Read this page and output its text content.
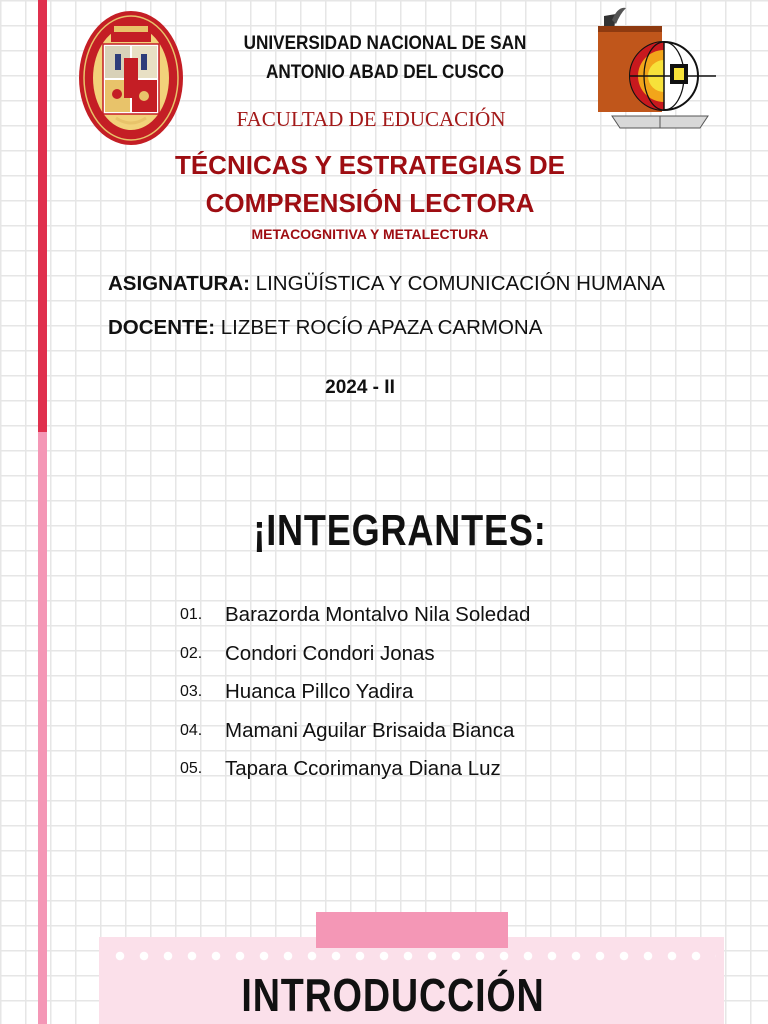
UNIVERSIDAD NACIONAL DE SAN
ANTONIO ABAD DEL CUSCO
FACULTAD DE EDUCACIÓN
TÉCNICAS Y ESTRATEGIAS DE
COMPRENSIÓN LECTORA
METACOGNITIVA Y METALECTURA
ASIGNATURA: LINGÜÍSTICA Y COMUNICACIÓN HUMANA
DOCENTE: LIZBET ROCÍO APAZA CARMONA
2024 - II
¡INTEGRANTES:
01.	Barazorda Montalvo Nila Soledad
02.	Condori Condori Jonas
03.	Huanca Pillco Yadira
04.	Mamani Aguilar Brisaida Bianca
05.	Tapara Ccorimanya Diana Luz
INTRODUCCIÓN
